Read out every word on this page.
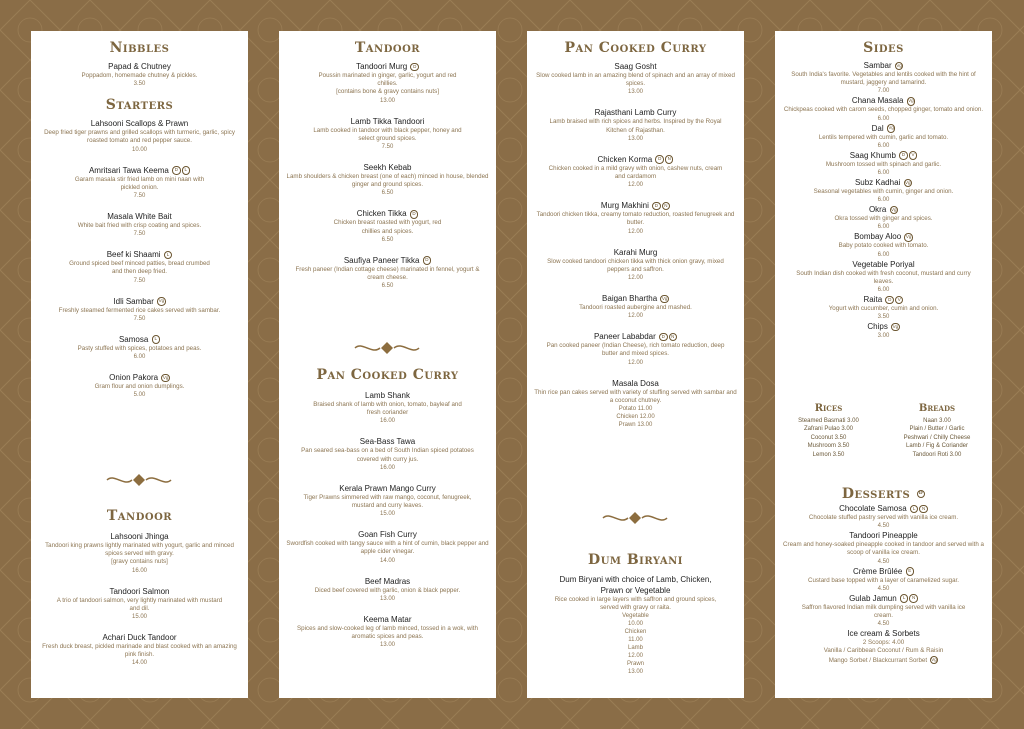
Nibbles
Papad & Chutney
Poppadom, homemade chutney & pickles.
3.50
Starters
Lahsooni Scallops & Prawn
Deep fried tiger prawns and grilled scallops with turmeric, garlic, spicy roasted tomato and red pepper sauce.
10.00
Amritsari Tawa Keema D L
Garam masala stir fried lamb on mini naan with pickled onion.
7.50
Masala White Bait
White bait fried with crisp coating and spices.
7.50
Beef ki Shaami L
Ground spiced beef minced patties, bread crumbed and then deep fried.
7.50
Idli Sambar Vg
Freshly steamed fermented rice cakes served with sambar.
7.50
Samosa L
Pasty stuffed with spices, potatoes and peas.
6.00
Onion Pakora Vg
Gram flour and onion dumplings.
5.00
Tandoor
Lahsooni Jhinga
Tandoori king prawns lightly marinated with yogurt, garlic and minced spices served with gravy.
[gravy contains nuts]
16.00
Tandoori Salmon
A trio of tandoori salmon, very lightly marinated with mustard and dil.
15.00
Achari Duck Tandoor
Fresh duck breast, pickled marinade and blast cooked with an amazing pink finish.
14.00
Tandoor
Tandoori Murg D
Poussin marinated in ginger, garlic, yogurt and red chillies.
[contains bone & gravy contains nuts]
13.00
Lamb Tikka Tandoori
Lamb cooked in tandoor with black pepper, honey and select ground spices.
7.50
Seekh Kebab
Lamb shoulders & chicken breast (one of each) minced in house, blended ginger and ground spices.
6.50
Chicken Tikka D
Chicken breast roasted with yogurt, red chillies and spices.
6.50
Saufiya Paneer Tikka D
Fresh paneer (Indian cottage cheese) marinated in fennel, yogurt & cream cheese.
6.50
Pan Cooked Curry
Lamb Shank
Braised shank of lamb with onion, tomato, bayleaf and fresh coriander
16.00
Sea-Bass Tawa
Pan seared sea-bass on a bed of South Indian spiced potatoes covered with curry jus.
16.00
Kerala Prawn Mango Curry
Tiger Prawns simmered with raw mango, coconut, fenugreek, mustard and curry leaves.
15.00
Goan Fish Curry
Swordfish cooked with tangy sauce with a hint of cumin, black pepper and apple cider vinegar.
14.00
Beef Madras
Diced beef covered with garlic, onion & black pepper.
13.00
Keema Matar
Spices and slow-cooked leg of lamb minced, tossed in a wok, with aromatic spices and peas.
13.00
Pan Cooked Curry
Saag Gosht
Slow cooked lamb in an amazing blend of spinach and an array of mixed spices.
13.00
Rajasthani Lamb Curry
Lamb braised with rich spices and herbs. Inspired by the Royal Kitchen of Rajasthan.
13.00
Chicken Korma D N
Chicken cooked in a mild gravy with onion, cashew nuts, cream and cardamom
12.00
Murg Makhini D N
Tandoori chicken tikka, creamy tomato reduction, roasted fenugreek and butter.
12.00
Karahi Murg
Slow cooked tandoori chicken tikka with thick onion gravy, mixed peppers and saffron.
12.00
Baigan Bhartha Vg
Tandoori roasted aubergine and mashed.
12.00
Paneer Lababdar D N
Pan cooked paneer (Indian Cheese), rich tomato reduction, deep butter and mixed spices.
12.00
Masala Dosa
Thin rice pan cakes served with variety of stuffing served with sambar and a coconut chutney.
Potato 11.00
Chicken 12.00
Prawn 13.00
Dum Biryani
Dum Biryani with choice of Lamb, Chicken, Prawn or Vegetable
Rice cooked in large layers with saffron and ground spices, served with gravy or raita.
Vegetable
10.00
Chicken
11.00
Lamb
12.00
Prawn
13.00
Sides
Sambar Vg
South India's favorite. Vegetables and lentils cooked with the hint of mustard, jaggery and tamarind.
7.00
Chana Masala Vg
Chickpeas cooked with carom seeds, chopped ginger, tomato and onion.
6.00
Dal Vg
Lentils tempered with cumin, garlic and tomato.
6.00
Saag Khumb D V
Mushroom tossed with spinach and garlic.
6.00
Subz Kadhai Vg
Seasonal vegetables with cumin, ginger and onion.
6.00
Okra Vg
Okra tossed with ginger and spices.
6.00
Bombay Aloo Vg
Baby potato cooked with tomato.
6.00
Vegetable Poriyal
South Indian dish cooked with fresh coconut, mustard and curry leaves.
6.00
Raita D V
Yogurt with cucumber, cumin and onion.
3.50
Chips Vg
3.00
Rices
Steamed Basmati 3.00
Zafrani Pulao 3.00
Coconut 3.50
Mushroom 3.50
Lemon 3.50
Breads
Naan 3.00
Plain / Butter / Garlic
Peshwari / Chilly Cheese
Lamb / Fig & Coriander
Tandoori Roti 3.00
Desserts D
Chocolate Samosa L N
Chocolate stuffed pastry served with vanilla ice cream.
4.50
Tandoori Pineapple
Cream and honey-soaked pineapple cooked in tandoor and served with a scoop of vanilla ice cream.
4.50
Crème Brûlée E
Custard base topped with a layer of caramelized sugar.
4.50
Gulab Jamun L N
Saffron flavored Indian milk dumpling served with vanilla ice cream.
4.50
Ice cream & Sorbets
2 Scoops: 4.00
Vanilla / Caribbean Coconut / Rum & Raisin
Mango Sorbet / Blackcurrant Sorbet Vg
